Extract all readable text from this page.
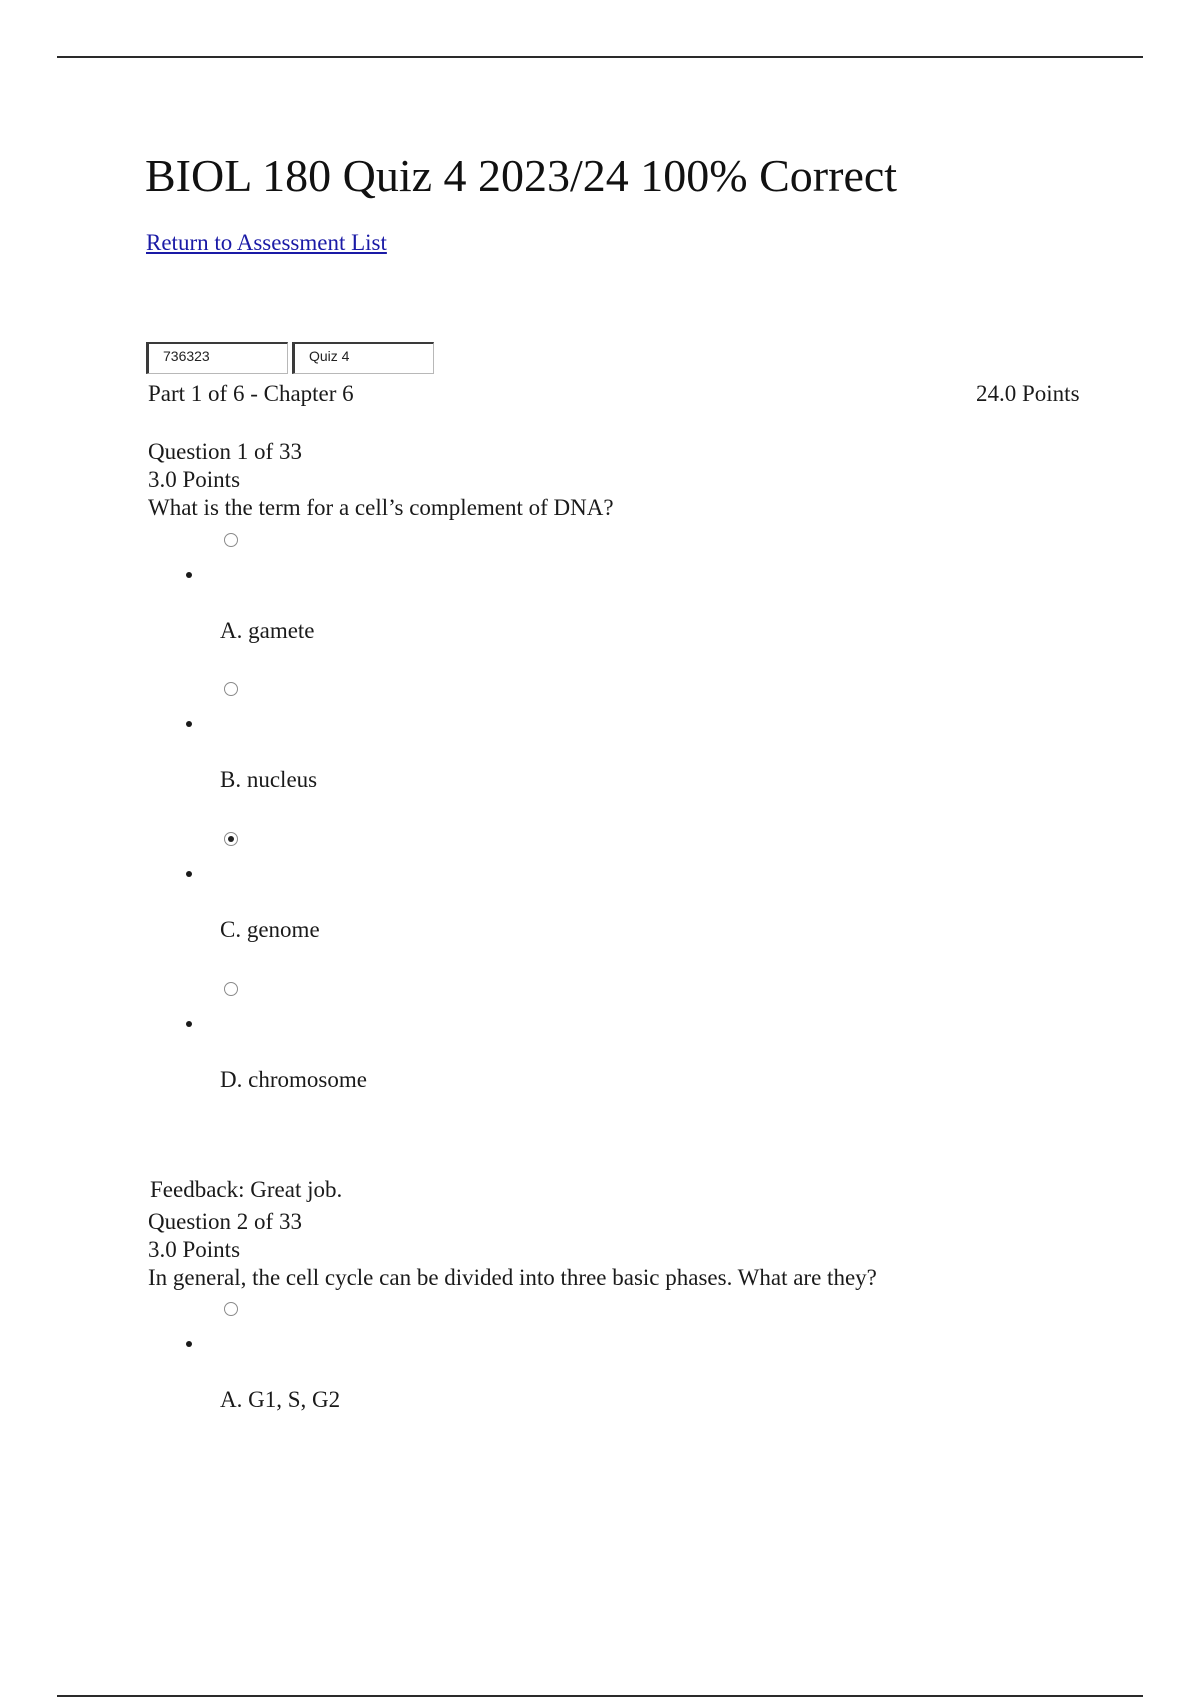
BIOL 180 Quiz 4 2023/24 100% Correct
Return to Assessment List
736323	Quiz 4
Part 1 of 6 - Chapter 6	24.0 Points
Question 1 of 33
3.0 Points
What is the term for a cell’s complement of DNA?
A. gamete
B. nucleus
C. genome
D. chromosome
Feedback: Great job.
Question 2 of 33
3.0 Points
In general, the cell cycle can be divided into three basic phases. What are they?
A. G1, S, G2
